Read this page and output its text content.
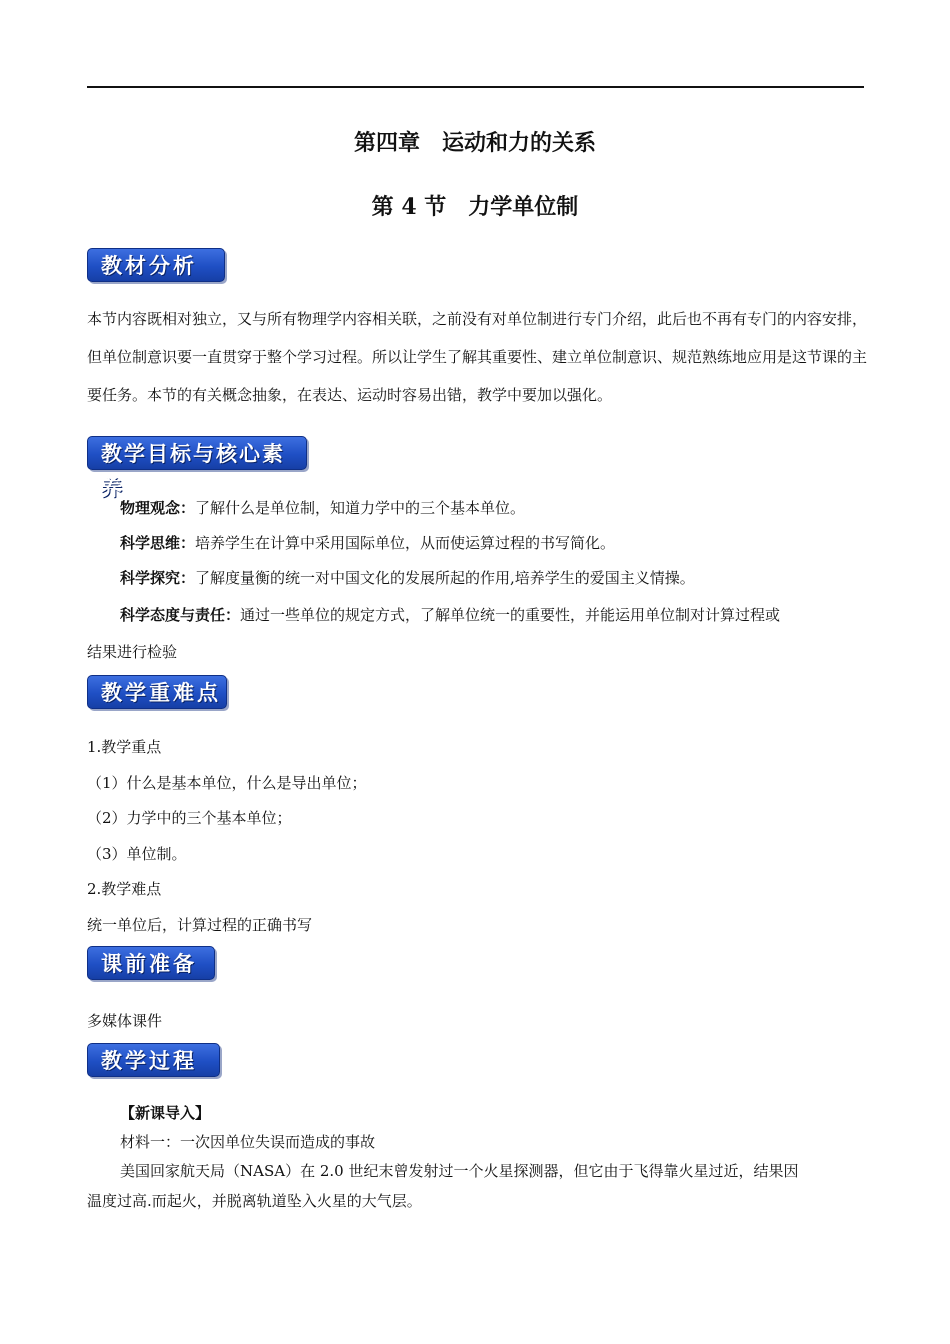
第四章　运动和力的关系
第 4 节　力学单位制
教材分析
本节内容既相对独立，又与所有物理学内容相关联，之前没有对单位制进行专门介绍，此后也不再有专门的内容安排，但单位制意识要一直贯穿于整个学习过程。所以让学生了解其重要性、建立单位制意识、规范熟练地应用是这节课的主要任务。本节的有关概念抽象，在表达、运动时容易出错，教学中要加以强化。
教学目标与核心素养
物理观念：了解什么是单位制，知道力学中的三个基本单位。
科学思维：培养学生在计算中采用国际单位，从而使运算过程的书写简化。
科学探究：了解度量衡的统一对中国文化的发展所起的作用,培养学生的爱国主义情操。
科学态度与责任：通过一些单位的规定方式，了解单位统一的重要性，并能运用单位制对计算过程或
结果进行检验
教学重难点
1.教学重点
（1）什么是基本单位，什么是导出单位；
（2）力学中的三个基本单位；
（3）单位制。
2.教学难点
统一单位后，计算过程的正确书写
课前准备
多媒体课件
教学过程
【新课导入】
材料一：一次因单位失误而造成的事故
美国回家航天局（NASA）在 2.0 世纪末曾发射过一个火星探测器，但它由于飞得靠火星过近，结果因
温度过高.而起火，并脱离轨道坠入火星的大气层。
